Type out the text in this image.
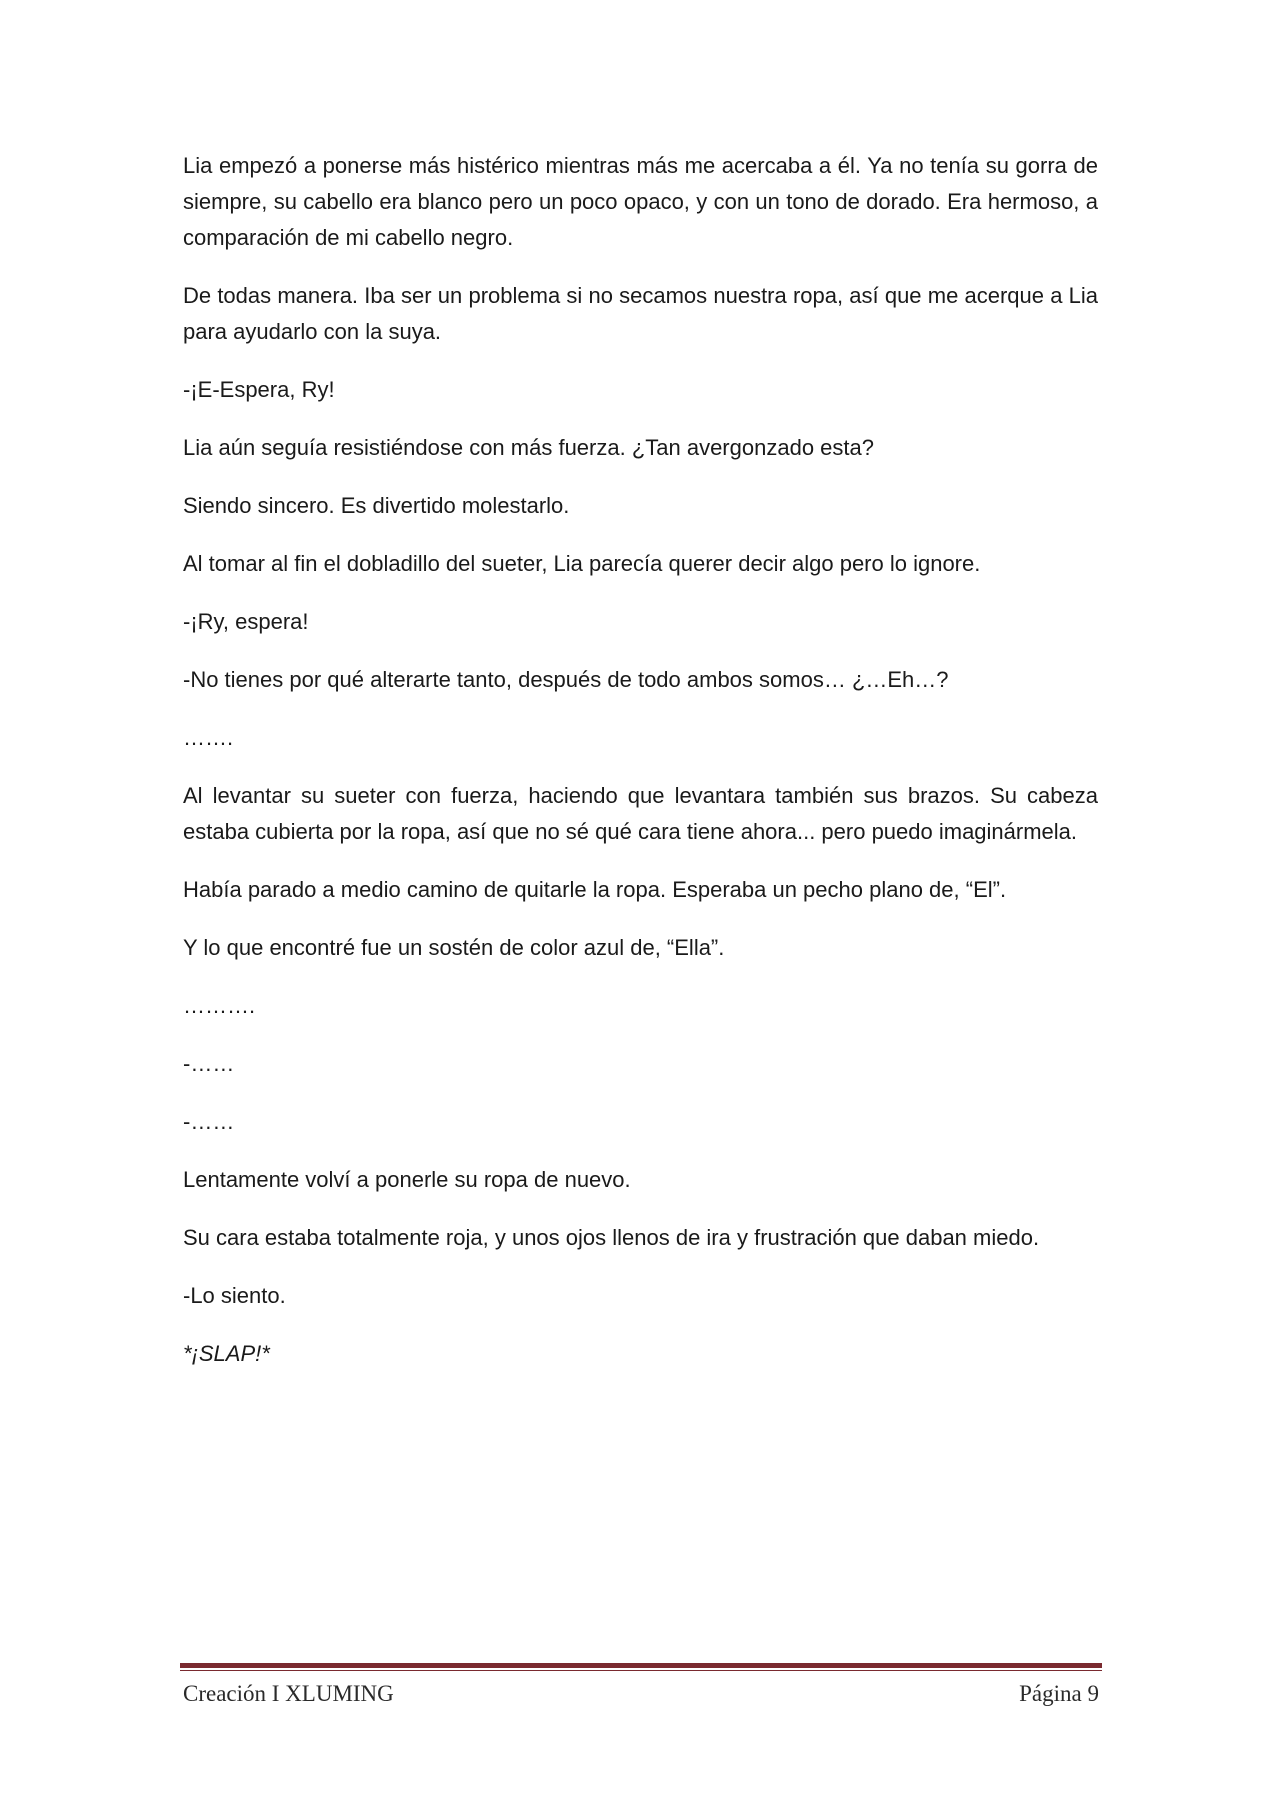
Lia empezó a ponerse más histérico mientras más me acercaba a él. Ya no tenía su gorra de siempre, su cabello era blanco pero un poco opaco, y con un tono de dorado. Era hermoso, a comparación de mi cabello negro.

De todas manera. Iba ser un problema si no secamos nuestra ropa, así que me acerque a Lia para ayudarlo con la suya.

-¡E-Espera, Ry!

Lia aún seguía resistiéndose con más fuerza. ¿Tan avergonzado esta?

Siendo sincero. Es divertido molestarlo.

Al tomar al fin el dobladillo del sueter, Lia parecía querer decir algo pero lo ignore.

-¡Ry, espera!

-No tienes por qué alterarte tanto, después de todo ambos somos… ¿…Eh…?

…….

Al levantar su sueter con fuerza, haciendo que levantara también sus brazos. Su cabeza estaba cubierta por la ropa, así que no sé qué cara tiene ahora... pero puedo imaginármela.

Había parado a medio camino de quitarle la ropa. Esperaba un pecho plano de, “El”.

Y lo que encontré fue un sostén de color azul de, “Ella”.

……….

-……

-……

Lentamente volví a ponerle su ropa de nuevo.

Su cara estaba totalmente roja, y unos ojos llenos de ira y frustración que daban miedo.

-Lo siento.

*¡SLAP!*

Creación I XLUMING	Página 9
